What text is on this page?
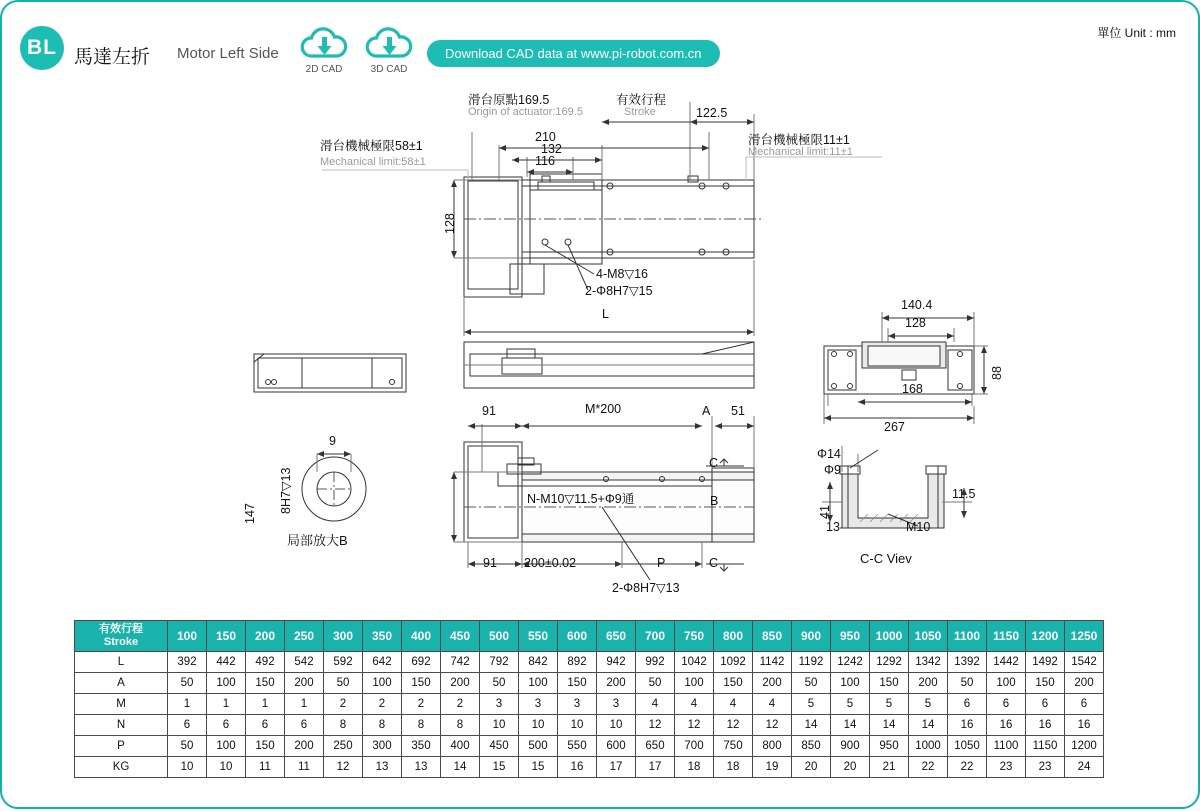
BL 馬達左折 Motor Left Side
2D CAD	3D CAD
Download CAD data at www.pi-robot.com.cn
單位 Unit : mm
滑台原點169.5
Origin of actuator:169.5
有效行程
Stroke	122.5
滑台機械極限58±1
Mechanical limit:58±1
滑台機械極限11±1
Mechanical limit:11±1
210
132
116
128
4-M8▽16
2-Φ8H7▽15
L
140.4
128
88
168
267
91	M*200	A 51
C
B
147
N-M10▽11.5+Φ9通
91 200±0.02	P	C
2-Φ8H7▽13
9
8H7▽13
局部放大B
Φ14
Φ9
41
13	M10
11.5
C-C Viev
有效行程
Stroke	100	150	200	250	300	350	400	450	500	550	600	650	700	750	800	850	900	950	1000	1050	1100	1150	1200	1250
L	392	442	492	542	592	642	692	742	792	842	892	942	992	1042	1092	1142	1192	1242	1292	1342	1392	1442	1492	1542
A	50	100	150	200	50	100	150	200	50	100	150	200	50	100	150	200	50	100	150	200	50	100	150	200
M	1	1	1	1	2	2	2	2	3	3	3	3	4	4	4	4	5	5	5	5	6	6	6	6
N	6	6	6	6	8	8	8	8	10	10	10	10	12	12	12	12	14	14	14	14	16	16	16	16
P	50	100	150	200	250	300	350	400	450	500	550	600	650	700	750	800	850	900	950	1000	1050	1100	1150	1200
KG	10	10	11	11	12	13	13	14	15	15	16	17	17	18	18	19	20	20	21	22	22	23	23	24
